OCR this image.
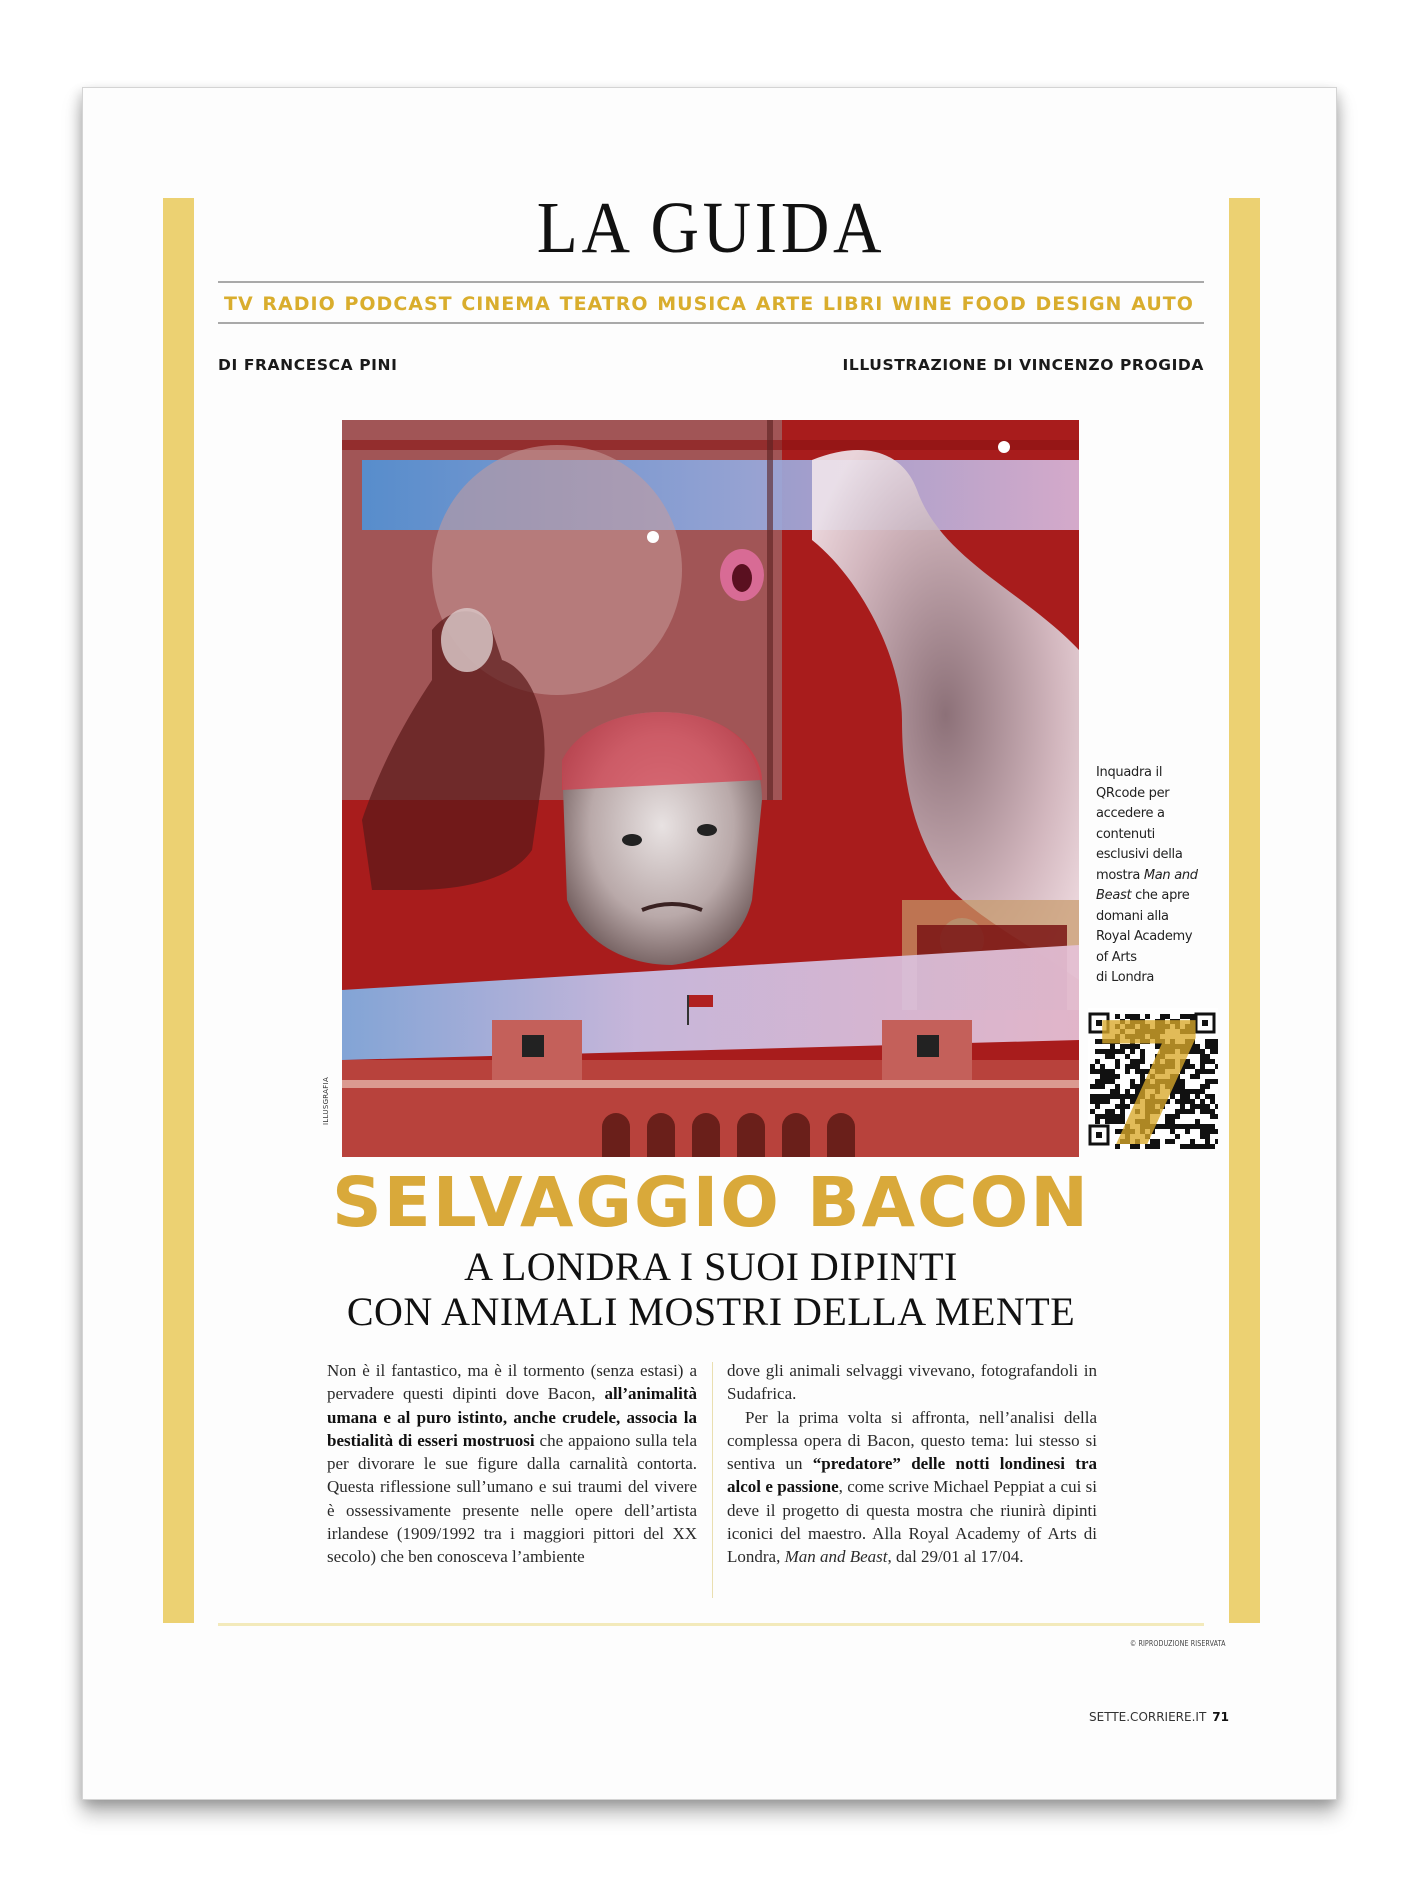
LA GUIDA
TV RADIO PODCAST CINEMA TEATRO MUSICA ARTE LIBRI WINE FOOD DESIGN AUTO
DI FRANCESCA PINI	ILLUSTRAZIONE DI VINCENZO PROGIDA
ILLUSGRAFIA
Inquadra il
QRcode per
accedere a
contenuti
esclusivi della
mostra Man and
Beast che apre
domani alla
Royal Academy
of Arts
di Londra
7
SELVAGGIO BACON
A LONDRA I SUOI DIPINTI
CON ANIMALI MOSTRI DELLA MENTE

Non è il fantastico, ma è il tormento (senza estasi) a pervadere questi dipinti dove Bacon, all’animalità umana e al puro istinto, anche crudele, associa la bestialità di esseri mostruosi che appaiono sulla tela per divorare le sue figure dalla carnalità contorta. Questa riflessione sull’umano e sui traumi del vivere è ossessivamente presente nelle opere dell’artista irlandese (1909/1992 tra i maggiori pittori del XX secolo) che ben conosceva l’ambiente

dove gli animali selvaggi vivevano, fotografandoli in Sudafrica.

Per la prima volta si affronta, nell’analisi della complessa opera di Bacon, questo tema: lui stesso si sentiva un “predatore” delle notti londinesi tra alcol e passione, come scrive Michael Peppiat a cui si deve il progetto di questa mostra che riunirà dipinti iconici del maestro. Alla Royal Academy of Arts di Londra, Man and Beast, dal 29/01 al 17/04.

© RIPRODUZIONE RISERVATA
SETTE.CORRIERE.IT 71
